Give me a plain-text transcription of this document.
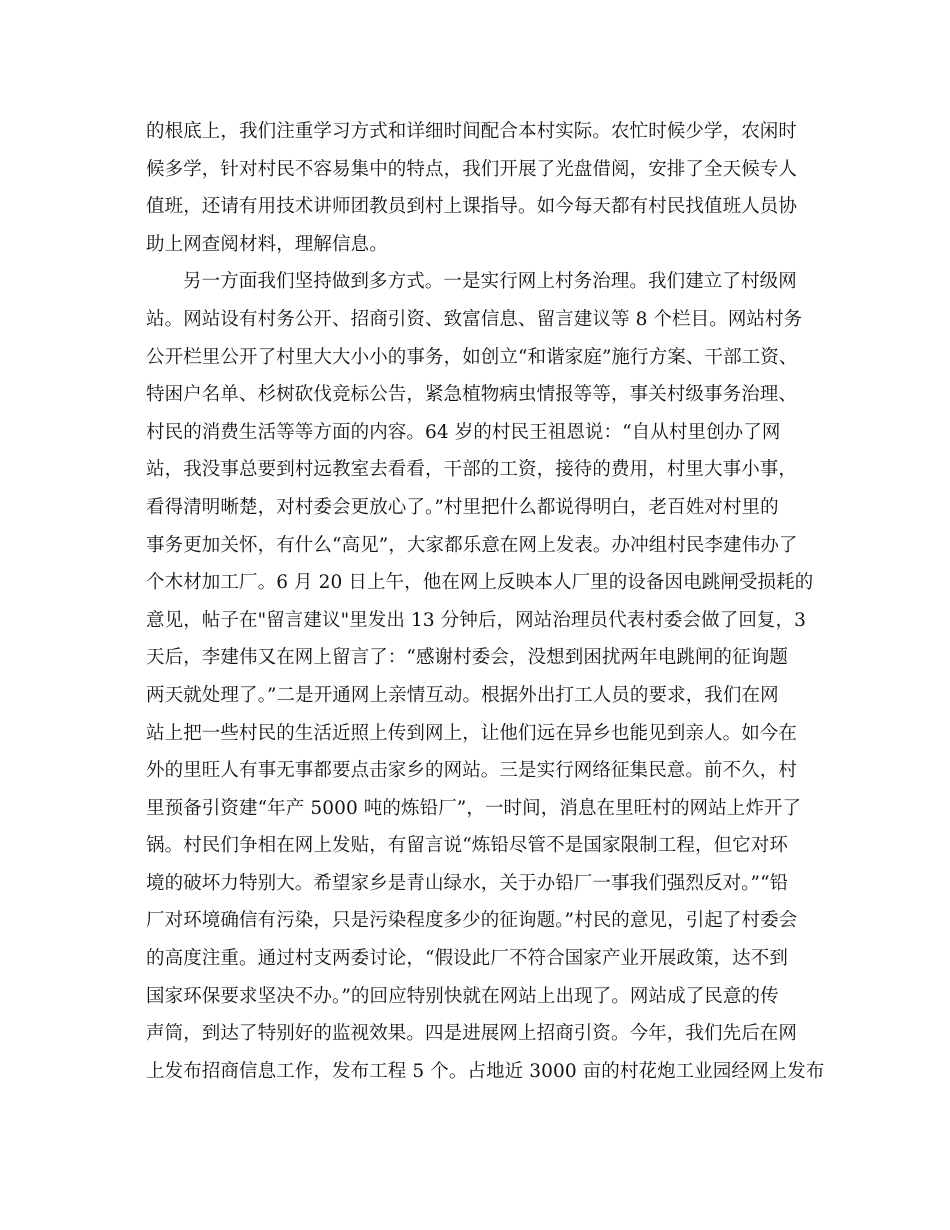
的根底上，我们注重学习方式和详细时间配合本村实际。农忙时候少学，农闲时
候多学，针对村民不容易集中的特点，我们开展了光盘借阅，安排了全天候专人
值班，还请有用技术讲师团教员到村上课指导。如今每天都有村民找值班人员协
助上网查阅材料，理解信息。
另一方面我们坚持做到多方式。一是实行网上村务治理。我们建立了村级网
站。网站设有村务公开、招商引资、致富信息、留言建议等 8 个栏目。网站村务
公开栏里公开了村里大大小小的事务，如创立“和谐家庭”施行方案、干部工资、
特困户名单、杉树砍伐竞标公告，紧急植物病虫情报等等，事关村级事务治理、
村民的消费生活等等方面的内容。64 岁的村民王祖恩说：“自从村里创办了网
站，我没事总要到村远教室去看看，干部的工资，接待的费用，村里大事小事，
看得清明晰楚，对村委会更放心了。”村里把什么都说得明白，老百姓对村里的
事务更加关怀，有什么“高见”，大家都乐意在网上发表。办冲组村民李建伟办了
个木材加工厂。6 月 20 日上午，他在网上反映本人厂里的设备因电跳闸受损耗的
意见，帖子在"留言建议"里发出 13 分钟后，网站治理员代表村委会做了回复，3
天后，李建伟又在网上留言了：“感谢村委会，没想到困扰两年电跳闸的征询题
两天就处理了。”二是开通网上亲情互动。根据外出打工人员的要求，我们在网
站上把一些村民的生活近照上传到网上，让他们远在异乡也能见到亲人。如今在
外的里旺人有事无事都要点击家乡的网站。三是实行网络征集民意。前不久，村
里预备引资建“年产 5000 吨的炼铅厂”，一时间，消息在里旺村的网站上炸开了
锅。村民们争相在网上发贴，有留言说“炼铅尽管不是国家限制工程，但它对环
境的破坏力特别大。希望家乡是青山绿水，关于办铅厂一事我们强烈反对。”“铅
厂对环境确信有污染，只是污染程度多少的征询题。”村民的意见，引起了村委会
的高度注重。通过村支两委讨论，“假设此厂不符合国家产业开展政策，达不到
国家环保要求坚决不办。”的回应特别快就在网站上出现了。网站成了民意的传
声筒，到达了特别好的监视效果。四是进展网上招商引资。今年，我们先后在网
上发布招商信息工作，发布工程 5 个。占地近 3000 亩的村花炮工业园经网上发布
